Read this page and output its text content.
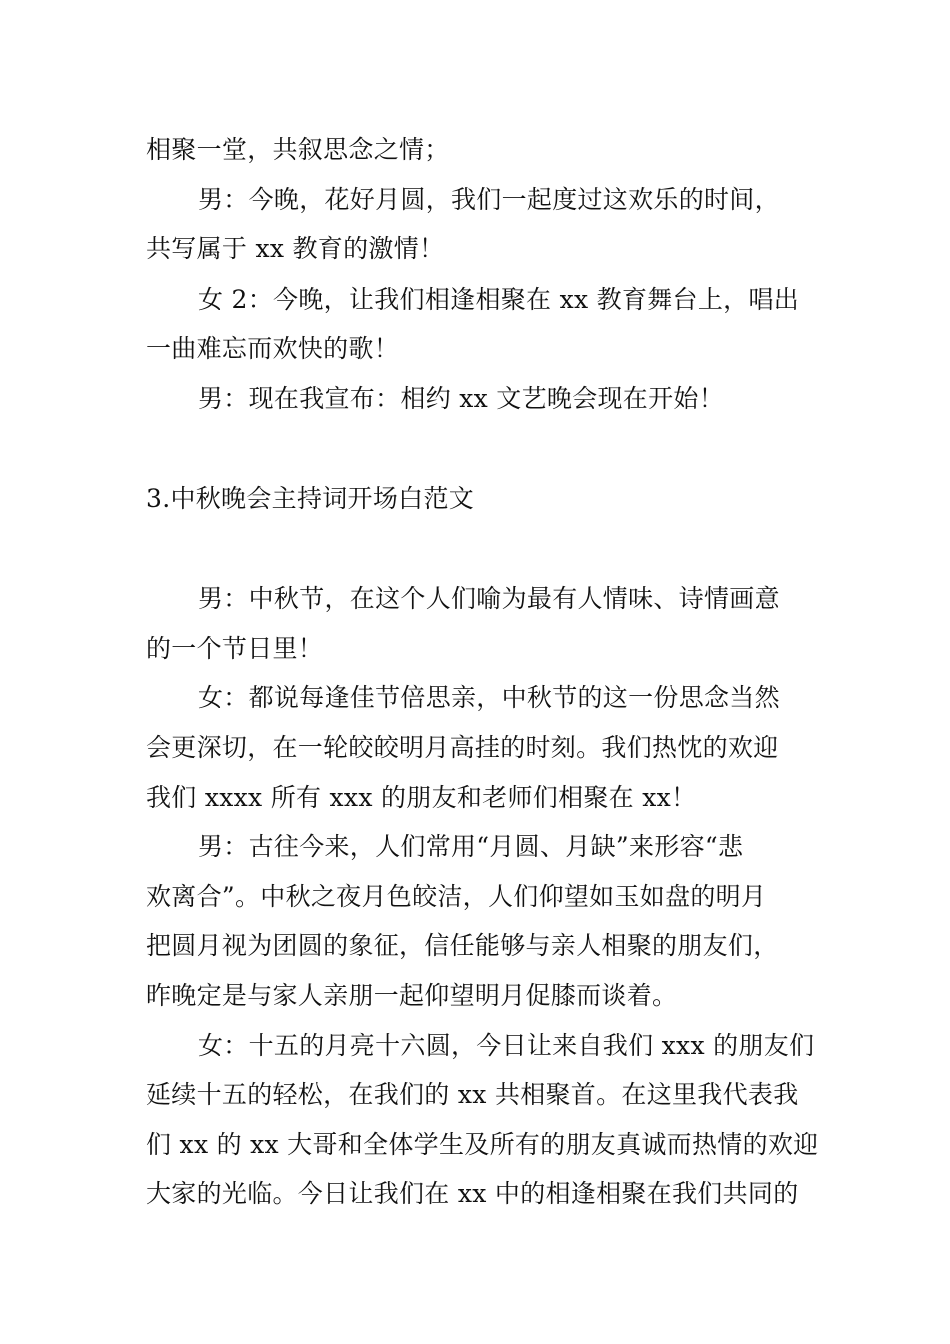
相聚一堂，共叙思念之情；
男：今晚，花好月圆，我们一起度过这欢乐的时间，
共写属于 xx 教育的激情！
女 2：今晚，让我们相逢相聚在 xx 教育舞台上，唱出
一曲难忘而欢快的歌！
男：现在我宣布：相约 xx 文艺晚会现在开始！
3.中秋晚会主持词开场白范文
男：中秋节，在这个人们喻为最有人情味、诗情画意
的一个节日里！
女：都说每逢佳节倍思亲，中秋节的这一份思念当然
会更深切，在一轮皎皎明月高挂的时刻。我们热忱的欢迎
我们 xxxx 所有 xxx 的朋友和老师们相聚在 xx！
男：古往今来，人们常用“月圆、月缺”来形容“悲
欢离合”。中秋之夜月色皎洁，人们仰望如玉如盘的明月
把圆月视为团圆的象征，信任能够与亲人相聚的朋友们，
昨晚定是与家人亲朋一起仰望明月促膝而谈着。
女：十五的月亮十六圆，今日让来自我们 xxx 的朋友们
延续十五的轻松，在我们的 xx 共相聚首。在这里我代表我
们 xx 的 xx 大哥和全体学生及所有的朋友真诚而热情的欢迎
大家的光临。今日让我们在 xx 中的相逢相聚在我们共同的
